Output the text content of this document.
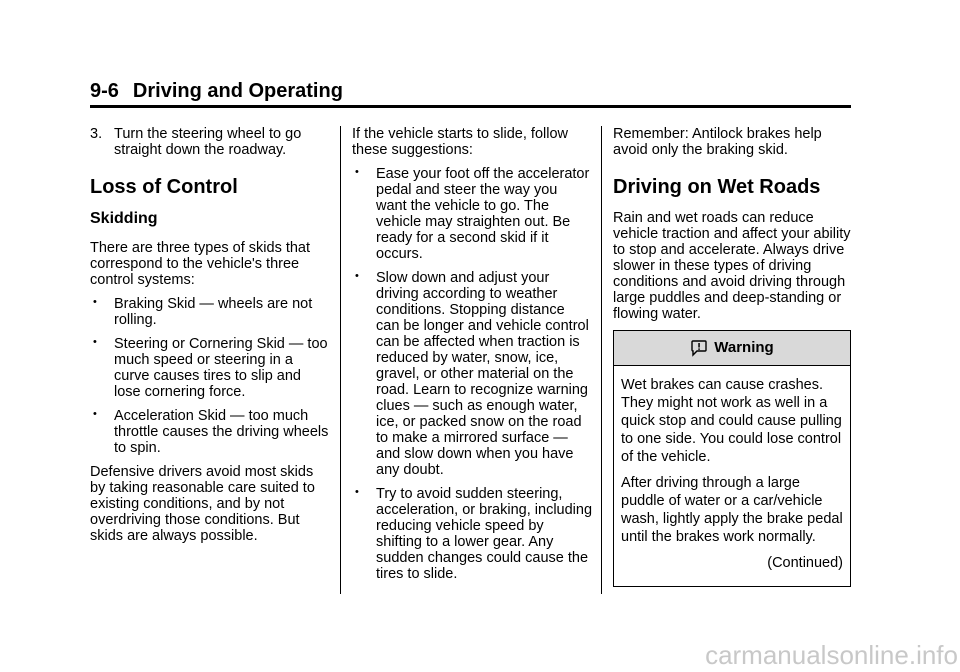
9-6 Driving and Operating

3. Turn the steering wheel to go straight down the roadway.

Loss of Control
Skidding

There are three types of skids that correspond to the vehicle's three control systems:

• Braking Skid — wheels are not rolling.
• Steering or Cornering Skid — too much speed or steering in a curve causes tires to slip and lose cornering force.
• Acceleration Skid — too much throttle causes the driving wheels to spin.

Defensive drivers avoid most skids by taking reasonable care suited to existing conditions, and by not overdriving those conditions. But skids are always possible.

If the vehicle starts to slide, follow these suggestions:

• Ease your foot off the accelerator pedal and steer the way you want the vehicle to go. The vehicle may straighten out. Be ready for a second skid if it occurs.
• Slow down and adjust your driving according to weather conditions. Stopping distance can be longer and vehicle control can be affected when traction is reduced by water, snow, ice, gravel, or other material on the road. Learn to recognize warning clues — such as enough water, ice, or packed snow on the road to make a mirrored surface — and slow down when you have any doubt.
• Try to avoid sudden steering, acceleration, or braking, including reducing vehicle speed by shifting to a lower gear. Any sudden changes could cause the tires to slide.

Remember: Antilock brakes help avoid only the braking skid.

Driving on Wet Roads

Rain and wet roads can reduce vehicle traction and affect your ability to stop and accelerate. Always drive slower in these types of driving conditions and avoid driving through large puddles and deep-standing or flowing water.

Warning

Wet brakes can cause crashes. They might not work as well in a quick stop and could cause pulling to one side. You could lose control of the vehicle.

After driving through a large puddle of water or a car/vehicle wash, lightly apply the brake pedal until the brakes work normally.

(Continued)

carmanualsonline.info
